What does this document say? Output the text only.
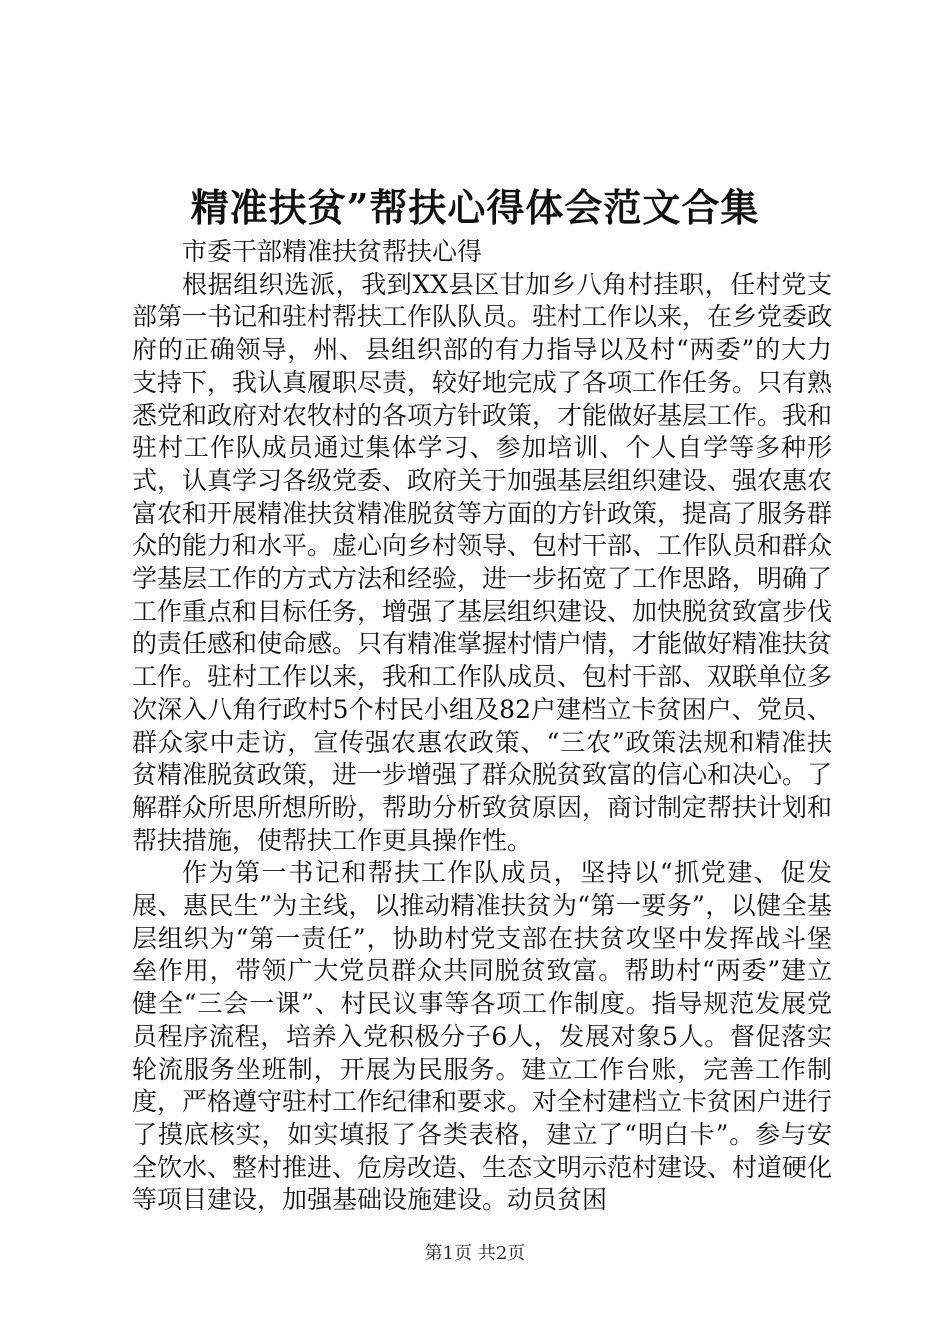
精准扶贫”帮扶心得体会范文合集

市委干部精准扶贫帮扶心得

根据组织选派，我到XX县区甘加乡八角村挂职，任村党支部第一书记和驻村帮扶工作队队员。驻村工作以来，在乡党委政府的正确领导，州、县组织部的有力指导以及村“两委”的大力支持下，我认真履职尽责，较好地完成了各项工作任务。只有熟悉党和政府对农牧村的各项方针政策，才能做好基层工作。我和驻村工作队成员通过集体学习、参加培训、个人自学等多种形式，认真学习各级党委、政府关于加强基层组织建设、强农惠农富农和开展精准扶贫精准脱贫等方面的方针政策，提高了服务群众的能力和水平。虚心向乡村领导、包村干部、工作队员和群众学基层工作的方式方法和经验，进一步拓宽了工作思路，明确了工作重点和目标任务，增强了基层组织建设、加快脱贫致富步伐的责任感和使命感。只有精准掌握村情户情，才能做好精准扶贫工作。驻村工作以来，我和工作队成员、包村干部、双联单位多次深入八角行政村5个村民小组及82户建档立卡贫困户、党员、群众家中走访，宣传强农惠农政策、“三农”政策法规和精准扶贫精准脱贫政策，进一步增强了群众脱贫致富的信心和决心。了解群众所思所想所盼，帮助分析致贫原因，商讨制定帮扶计划和帮扶措施，使帮扶工作更具操作性。

作为第一书记和帮扶工作队成员，坚持以“抓党建、促发展、惠民生”为主线，以推动精准扶贫为“第一要务”，以健全基层组织为“第一责任”，协助村党支部在扶贫攻坚中发挥战斗堡垒作用，带领广大党员群众共同脱贫致富。帮助村“两委”建立健全“三会一课”、村民议事等各项工作制度。指导规范发展党员程序流程，培养入党积极分子6人，发展对象5人。督促落实轮流服务坐班制，开展为民服务。建立工作台账，完善工作制度，严格遵守驻村工作纪律和要求。对全村建档立卡贫困户进行了摸底核实，如实填报了各类表格，建立了“明白卡”。参与安全饮水、整村推进、危房改造、生态文明示范村建设、村道硬化等项目建设，加强基础设施建设。动员贫困

第1页 共2页
